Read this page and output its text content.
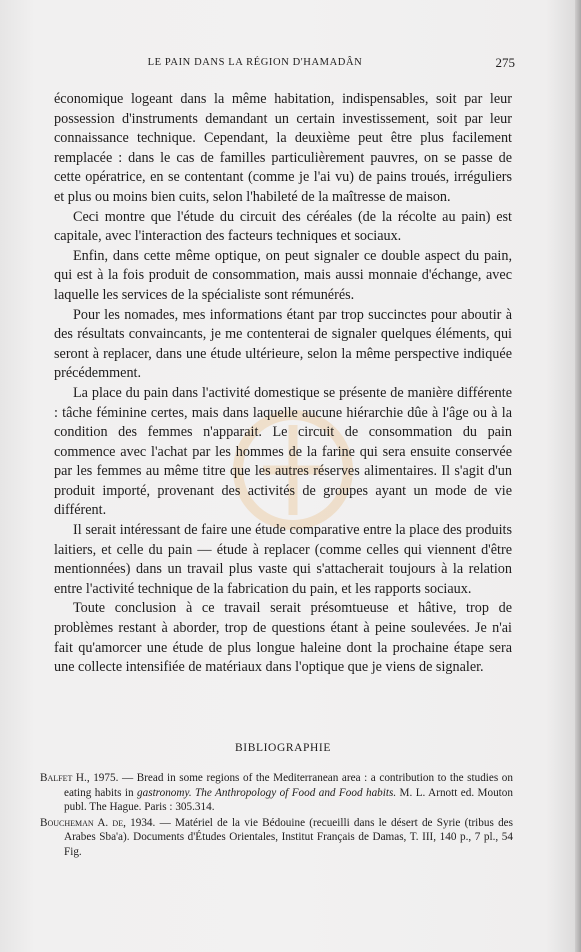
LE PAIN DANS LA RÉGION D'HAMADÂN	275

économique logeant dans la même habitation, indispensables, soit par leur possession d'instruments demandant un certain investissement, soit par leur connaissance technique. Cependant, la deuxième peut être plus facilement remplacée : dans le cas de familles particulièrement pauvres, on se passe de cette opératrice, en se contentant (comme je l'ai vu) de pains troués, irréguliers et plus ou moins bien cuits, selon l'habileté de la maîtresse de maison.

Ceci montre que l'étude du circuit des céréales (de la récolte au pain) est capitale, avec l'interaction des facteurs techniques et sociaux.

Enfin, dans cette même optique, on peut signaler ce double aspect du pain, qui est à la fois produit de consommation, mais aussi monnaie d'échange, avec laquelle les services de la spécialiste sont rémunérés.

Pour les nomades, mes informations étant par trop succinctes pour aboutir à des résultats convaincants, je me contenterai de signaler quelques éléments, qui seront à replacer, dans une étude ultérieure, selon la même perspective indiquée précédemment.

La place du pain dans l'activité domestique se présente de manière différente : tâche féminine certes, mais dans laquelle aucune hiérarchie dûe à l'âge ou à la condition des femmes n'apparait. Le circuit de consommation du pain commence avec l'achat par les hommes de la farine qui sera ensuite conservée par les femmes au même titre que les autres réserves alimentaires. Il s'agit d'un produit importé, provenant des activités de groupes ayant un mode de vie différent.

Il serait intéressant de faire une étude comparative entre la place des produits laitiers, et celle du pain — étude à replacer (comme celles qui viennent d'être mentionnées) dans un travail plus vaste qui s'attacherait toujours à la relation entre l'activité technique de la fabrication du pain, et les rapports sociaux.

Toute conclusion à ce travail serait présomtueuse et hâtive, trop de problèmes restant à aborder, trop de questions étant à peine soulevées. Je n'ai fait qu'amorcer une étude de plus longue haleine dont la prochaine étape sera une collecte intensifiée de matériaux dans l'optique que je viens de signaler.

BIBLIOGRAPHIE

Balfet H., 1975. — Bread in some regions of the Mediterranean area : a contribution to the studies on eating habits in gastronomy. The Anthropology of Food and Food habits. M. L. Arnott ed. Mouton publ. The Hague. Paris : 305.314.

Boucheman A. de, 1934. — Matériel de la vie Bédouine (recueilli dans le désert de Syrie (tribus des Arabes Sba'a). Documents d'Études Orientales, Institut Français de Damas, T. III, 140 p., 7 pl., 54 Fig.
